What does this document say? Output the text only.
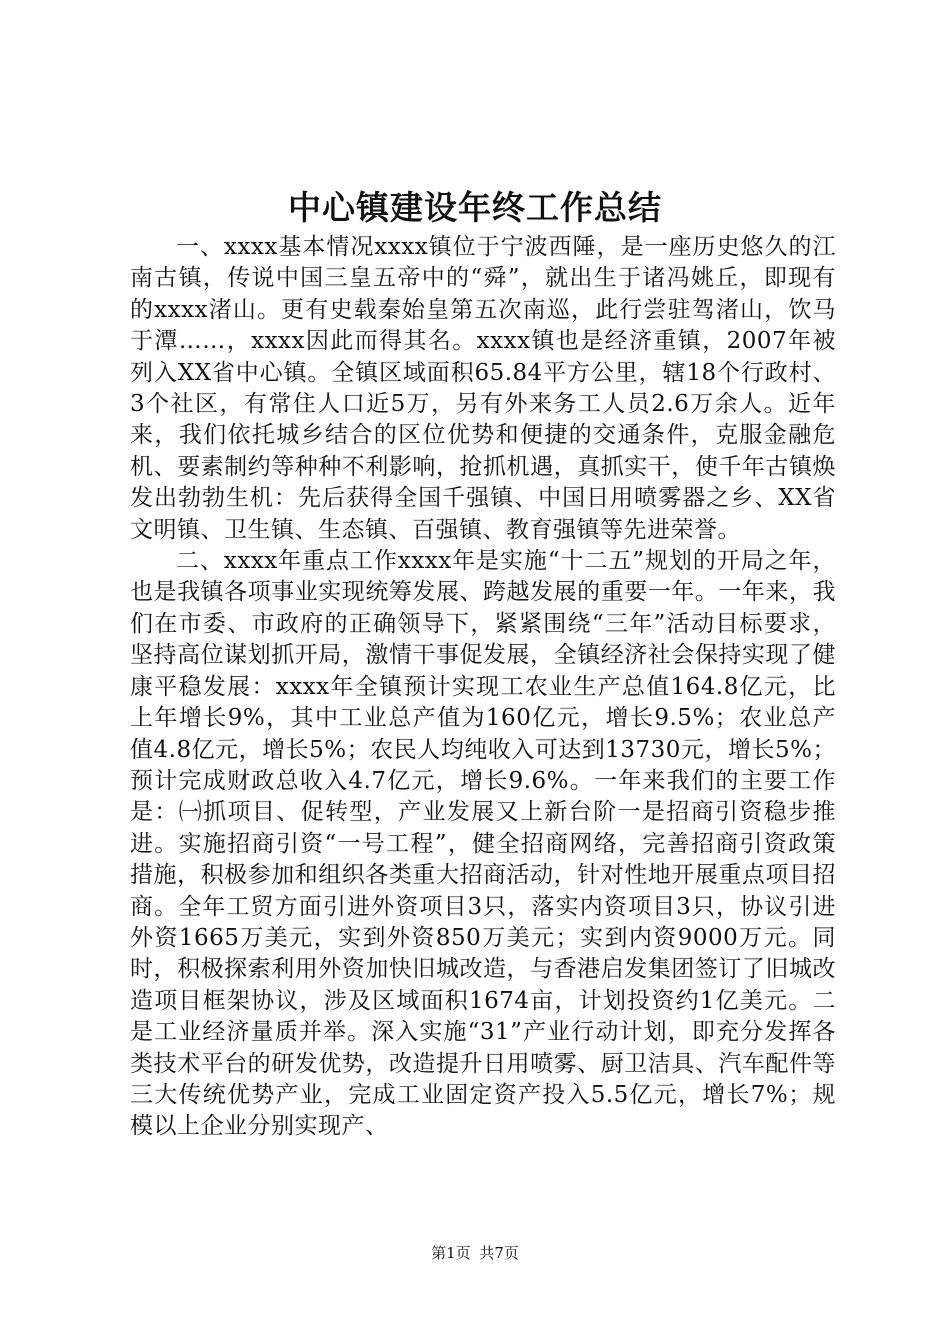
中心镇建设年终工作总结

一、xxxx基本情况xxxx镇位于宁波西陲，是一座历史悠久的江南古镇，传说中国三皇五帝中的“舜”，就出生于诸冯姚丘，即现有的xxxx渚山。更有史载秦始皇第五次南巡，此行尝驻驾渚山，饮马于潭……，xxxx因此而得其名。xxxx镇也是经济重镇，2007年被列入XX省中心镇。全镇区域面积65.84平方公里，辖18个行政村、3个社区，有常住人口近5万，另有外来务工人员2.6万余人。近年来，我们依托城乡结合的区位优势和便捷的交通条件，克服金融危机、要素制约等种种不利影响，抢抓机遇，真抓实干，使千年古镇焕发出勃勃生机：先后获得全国千强镇、中国日用喷雾器之乡、XX省文明镇、卫生镇、生态镇、百强镇、教育强镇等先进荣誉。

二、xxxx年重点工作xxxx年是实施“十二五”规划的开局之年，也是我镇各项事业实现统筹发展、跨越发展的重要一年。一年来，我们在市委、市政府的正确领导下，紧紧围绕“三年”活动目标要求，坚持高位谋划抓开局，激情干事促发展，全镇经济社会保持实现了健康平稳发展：xxxx年全镇预计实现工农业生产总值164.8亿元，比上年增长9%，其中工业总产值为160亿元，增长9.5%；农业总产值4.8亿元，增长5%；农民人均纯收入可达到13730元，增长5%；预计完成财政总收入4.7亿元，增长9.6%。一年来我们的主要工作是：㈠抓项目、促转型，产业发展又上新台阶一是招商引资稳步推进。实施招商引资“一号工程”，健全招商网络，完善招商引资政策措施，积极参加和组织各类重大招商活动，针对性地开展重点项目招商。全年工贸方面引进外资项目3只，落实内资项目3只，协议引进外资1665万美元，实到外资850万美元；实到内资9000万元。同时，积极探索利用外资加快旧城改造，与香港启发集团签订了旧城改造项目框架协议，涉及区域面积1674亩，计划投资约1亿美元。二是工业经济量质并举。深入实施“31”产业行动计划，即充分发挥各类技术平台的研发优势，改造提升日用喷雾、厨卫洁具、汽车配件等三大传统优势产业，完成工业固定资产投入5.5亿元，增长7%；规模以上企业分别实现产、

第1页 共7页
